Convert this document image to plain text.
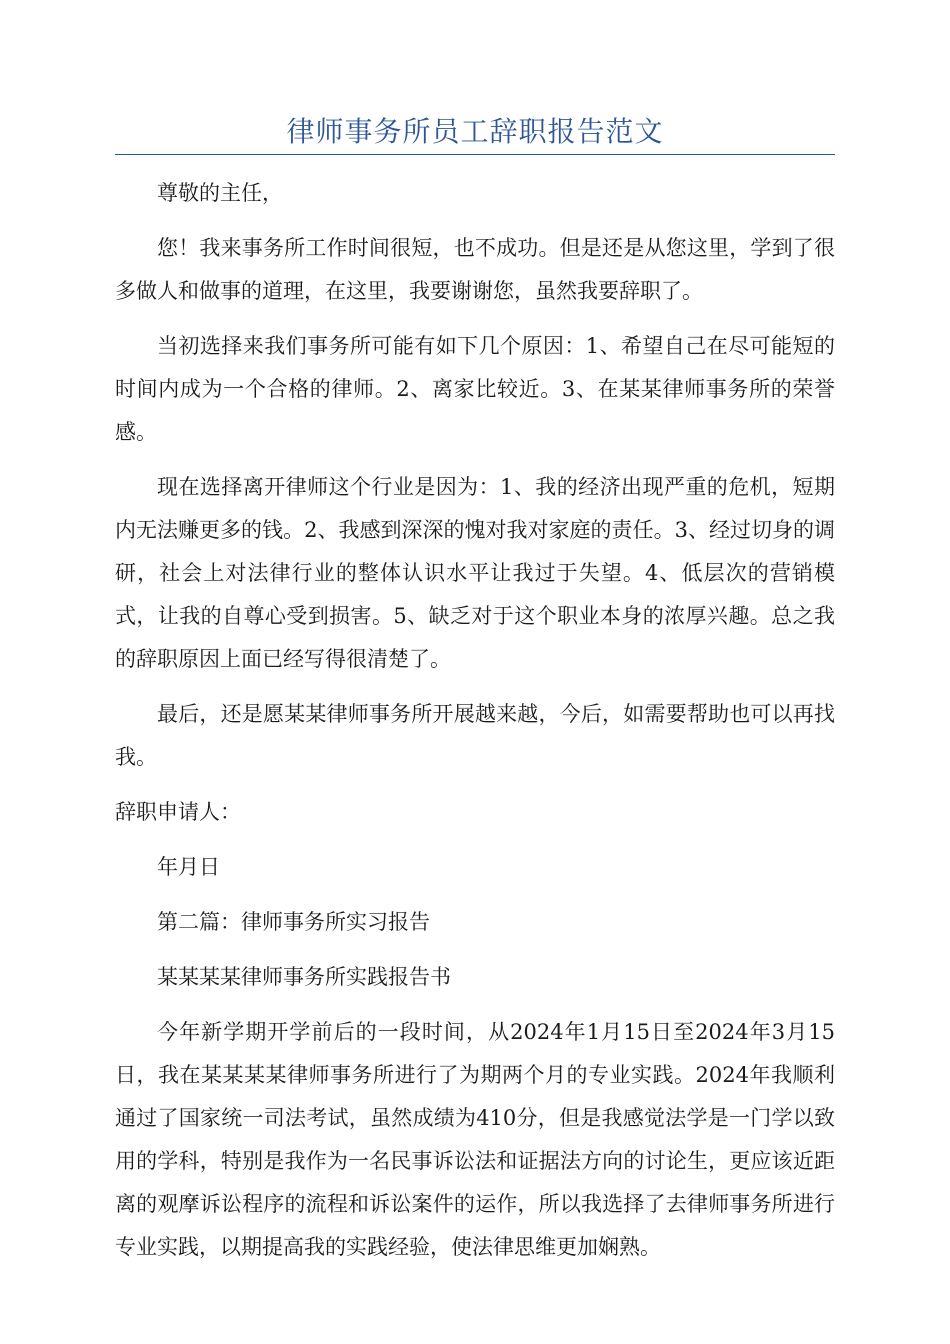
律师事务所员工辞职报告范文

尊敬的主任，

您！我来事务所工作时间很短，也不成功。但是还是从您这里，学到了很多做人和做事的道理，在这里，我要谢谢您，虽然我要辞职了。

当初选择来我们事务所可能有如下几个原因：1、希望自己在尽可能短的时间内成为一个合格的律师。2、离家比较近。3、在某某律师事务所的荣誉感。

现在选择离开律师这个行业是因为：1、我的经济出现严重的危机，短期内无法赚更多的钱。2、我感到深深的愧对我对家庭的责任。3、经过切身的调研，社会上对法律行业的整体认识水平让我过于失望。4、低层次的营销模式，让我的自尊心受到损害。5、缺乏对于这个职业本身的浓厚兴趣。总之我的辞职原因上面已经写得很清楚了。

最后，还是愿某某律师事务所开展越来越，今后，如需要帮助也可以再找我。

辞职申请人：

年月日

第二篇：律师事务所实习报告

某某某某律师事务所实践报告书

今年新学期开学前后的一段时间，从2024年1月15日至2024年3月15日，我在某某某某律师事务所进行了为期两个月的专业实践。2024年我顺利通过了国家统一司法考试，虽然成绩为410分，但是我感觉法学是一门学以致用的学科，特别是我作为一名民事诉讼法和证据法方向的讨论生，更应该近距离的观摩诉讼程序的流程和诉讼案件的运作，所以我选择了去律师事务所进行专业实践，以期提高我的实践经验，使法律思维更加娴熟。
